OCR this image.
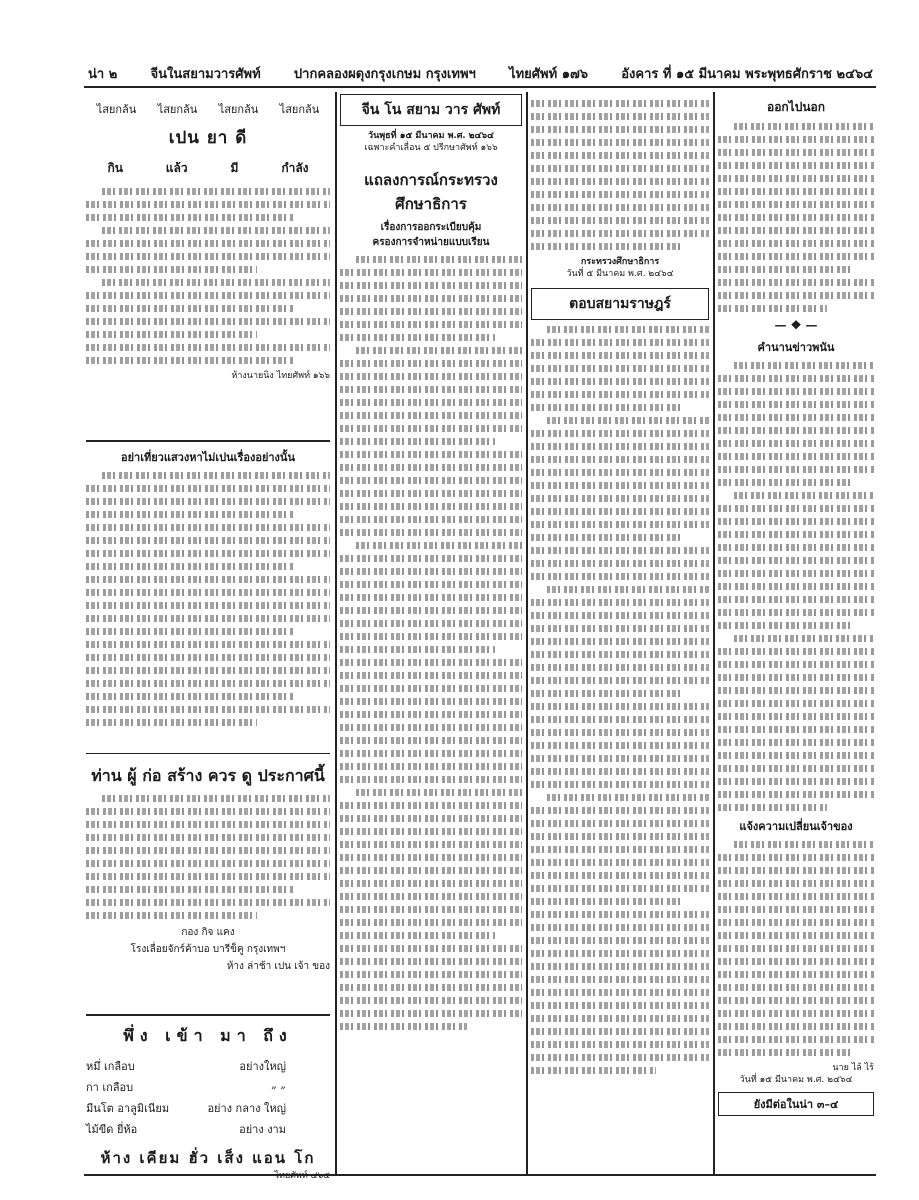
น่า ๒	จีนในสยามวารศัพท์	ปากคลองผดุงกรุงเกษม กรุงเทพฯ	ไทยศัพท์ ๑๗๖	อังคาร ที่ ๑๕ มีนาคม พระพุทธศักราช ๒๔๖๔
ไสยกล้น ไสยกล้น ไสยกล้น ไสยกล้น
เปน ยา ดี
กิน	แล้ว	มี	กำลัง
ห้างนายนิง ไทยศัพท์ ๑๖๖
อย่าเที่ยวแสวงหาไม่เปนเรื่องอย่างนั้น
ท่าน ผู้ ก่อ สร้าง ควร ดู ประกาศนี้
กอง กิจ แคง
โรงเลื่อยจักร์ค้าบอ บารีข็คู กรุงเทพฯ
ห้าง ล่าช้า เปน เจ้า ของ
พึ่ง เข้า มา ถึง
หมึ่ เกลือบ	อย่างใหญ่
กา เกลือบ	„ „
มีนโต อาลูมิเนียม	อย่าง กลาง ใหญ่
ไม้ขีด ยี่ห้อ	อย่าง งาม
ห้าง เคียม ฮั่ว เส็ง แอน โก
ไทยศัพท์ ๔๖๕
จีน โน สยาม วาร ศัพท์
วันพุธที่ ๑๕ มีนาคม พ.ศ. ๒๔๖๔
เฉพาะคำเลื่อน ๕ ปรีกษาศัพท์ ๑๖๖
แถลงการณ์กระทรวง
ศึกษาธิการ
เรื่องการออกระเบียบคุ้ม
ครองการจำหน่ายแบบเรียน
กระทรวงศึกษาธิการ
วันที่ ๕ มีนาคม พ.ศ. ๒๔๖๔
ตอบสยามราษฎร์
ออกไปนอก
— ❖ —
คำนานข่าวพนัน
แจ้งความเปลี่ยนเจ้าของ
นาย ไล้ ไร้
วันที่ ๑๕ มีนาคม พ.ศ. ๒๔๖๔
ยังมีต่อในน่า ๓–๔
